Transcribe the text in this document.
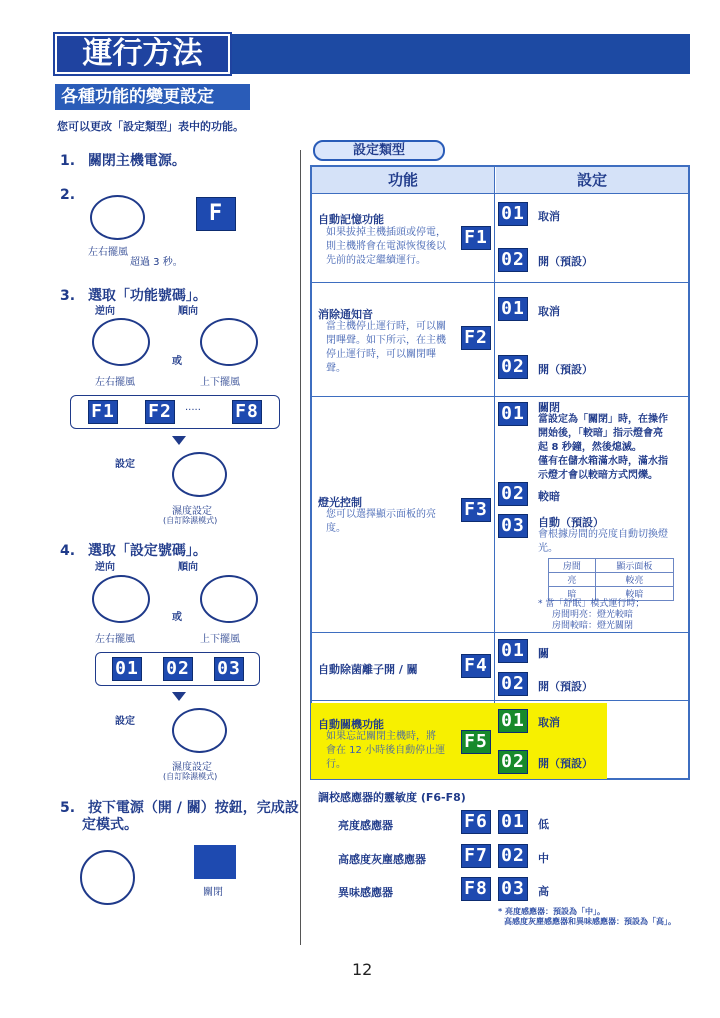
運行方法
各種功能的變更設定
您可以更改「設定類型」表中的功能。
1. 關閉主機電源。
2.
左右擺風
超過 3 秒。
F 1
3. 選取「功能號碼」。
逆向	順向
或
左右擺風	上下擺風
F1 F2	····· F8
設定
濕度設定
(自訂除濕模式)
4. 選取「設定號碼」。
逆向	順向
或
左右擺風	上下擺風
01 02 03
設定
濕度設定
(自訂除濕模式)
5. 按下電源（開 / 關）按鈕，完成設
定模式。
關閉
設定類型
功能	設定
自動記憶功能
如果拔掉主機插頭或停電，
則主機將會在電源恢復後以
先前的設定繼續運行。
F1
01 取消
02 開（預設）
消除通知音
當主機停止運行時，可以關
閉嗶聲。如下所示，在主機
停止運行時，可以關閉嗶
聲。
F2
01 取消
02 開（預設）
燈光控制
您可以選擇顯示面板的亮
度。
F3
01 關閉
當設定為「關閉」時，在操作
開始後，「較暗」指示燈會亮
起 8 秒鐘，然後熄滅。
僅有在儲水箱滿水時，滿水指
示燈才會以較暗方式閃爍。
02 較暗
03 自動（預設）
會根據房間的亮度自動切換燈
光。
房間	顯示面板
亮	較亮
暗	較暗
* 當「舒眠」模式運行時；
房間明亮：燈光較暗
房間較暗：燈光關閉
自動除菌離子開 / 關	F4
01 關
02 開（預設）
自動關機功能
如果忘記關閉主機時，將
會在 12 小時後自動停止運
行。
F5
01 取消
02 開（預設）
調校感應器的靈敏度 (F6-F8)
亮度感應器	F6 01 低
高感度灰塵感應器 F7 02 中
異味感應器	F8 03 高
* 亮度感應器：預設為「中」。
高感度灰塵感應器和異味感應器：預設為「高」。
12
